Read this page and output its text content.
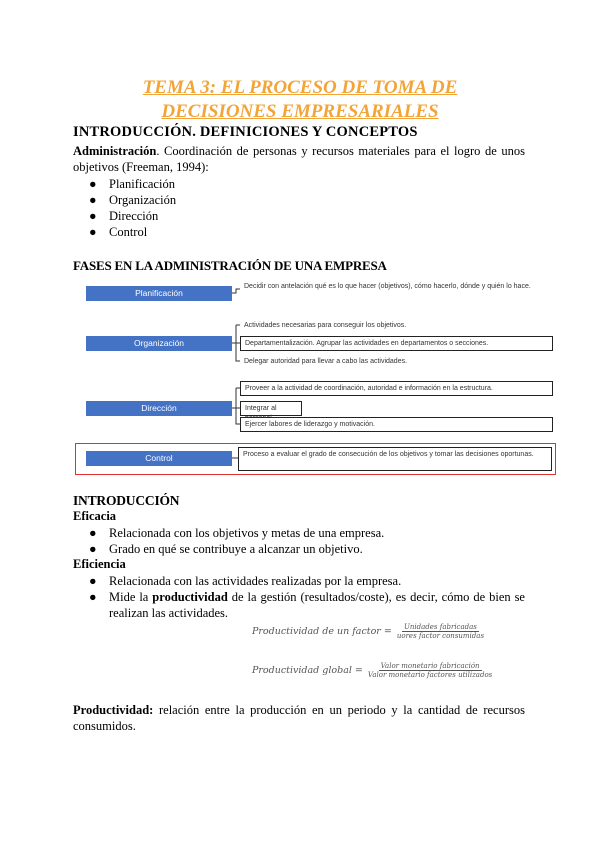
TEMA 3: EL PROCESO DE TOMA DE
DECISIONES EMPRESARIALES
INTRODUCCIÓN. DEFINICIONES Y CONCEPTOS
Administración. Coordinación de personas y recursos materiales para el logro de unos objetivos (Freeman, 1994):
● Planificación
● Organización
● Dirección
● Control
FASES EN LA ADMINISTRACIÓN DE UNA EMPRESA
Planificación
Organización
Dirección
Control
Decidir con antelación qué es lo que hacer (objetivos), cómo hacerlo, dónde y quién lo hace.
Actividades necesarias para conseguir los objetivos.
Departamentalización. Agrupar las actividades en departamentos o secciones.
Delegar autoridad para llevar a cabo las actividades.
Proveer a la actividad de coordinación, autoridad e información en la estructura.
Integrar al
Ejercer labores de liderazgo y motivación.
Proceso a evaluar el grado de consecución de los objetivos y tomar las decisiones oportunas.
INTRODUCCIÓN
Eficacia
● Relacionada con los objetivos y metas de una empresa.
● Grado en qué se contribuye a alcanzar un objetivo.
Eficiencia
● Relacionada con las actividades realizadas por la empresa.
● Mide la productividad de la gestión (resultados/coste), es decir, cómo de bien se realizan las actividades.
Productividad de un factor = $\frac{\text{Unidades fabricadas}}{\text{uores factor consumidas}}$
Productividad global = $\frac{\text{Valor monetario fabricación}}{\text{Valor monetario factores utilizados}}$
Productividad: relación entre la producción en un periodo y la cantidad de recursos consumidos.
